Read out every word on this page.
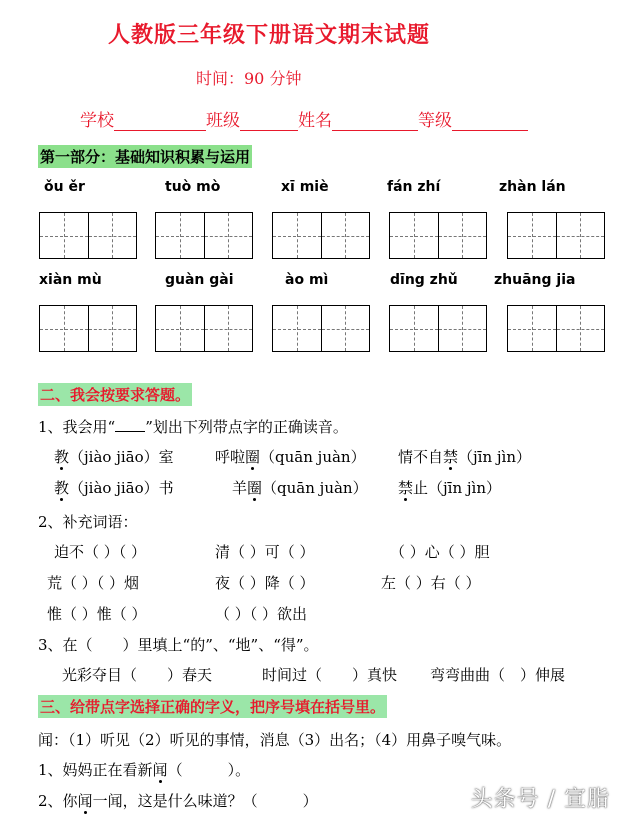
人教版三年级下册语文期末试题
时间：90 分钟
学校	班级	姓名	等级
第一部分：基础知识积累与运用
ǒu ěr	tuò mò	xī miè	fán zhí	zhàn lán
xiàn mù	guàn gài	ào mì	dīng zhǔ	zhuāng jia
二、我会按要求答题。
1、我会用“ ”划出下列带点字的正确读音。
教（jiào jiāo）室	呼啦圈（quān juàn） 情不自禁（jīn jìn）
教（jiào jiāo）书	羊圈（quān juàn） 禁止（jīn jìn）
2、补充词语：
迫不（ ）（ ）	清（ ）可（ ）	（ ）心（ ）胆
荒（ ）（ ）烟	夜（ ）降（ ）	左（ ）右（ ）
惟（ ）惟（ ）	（ ）（ ）欲出
3、在（　　）里填上“的”、“地”、“得”。
光彩夺目（　　）春天	时间过（　　）真快 弯弯曲曲（　）伸展
三、给带点字选择正确的字义，把序号填在括号里。
闻：（1）听见（2）听见的事情，消息（3）出名；（4）用鼻子嗅气味。
1、妈妈正在看新闻（　　　）。
2、你闻一闻，这是什么味道？（　　　）	头条号 / 宣脂
